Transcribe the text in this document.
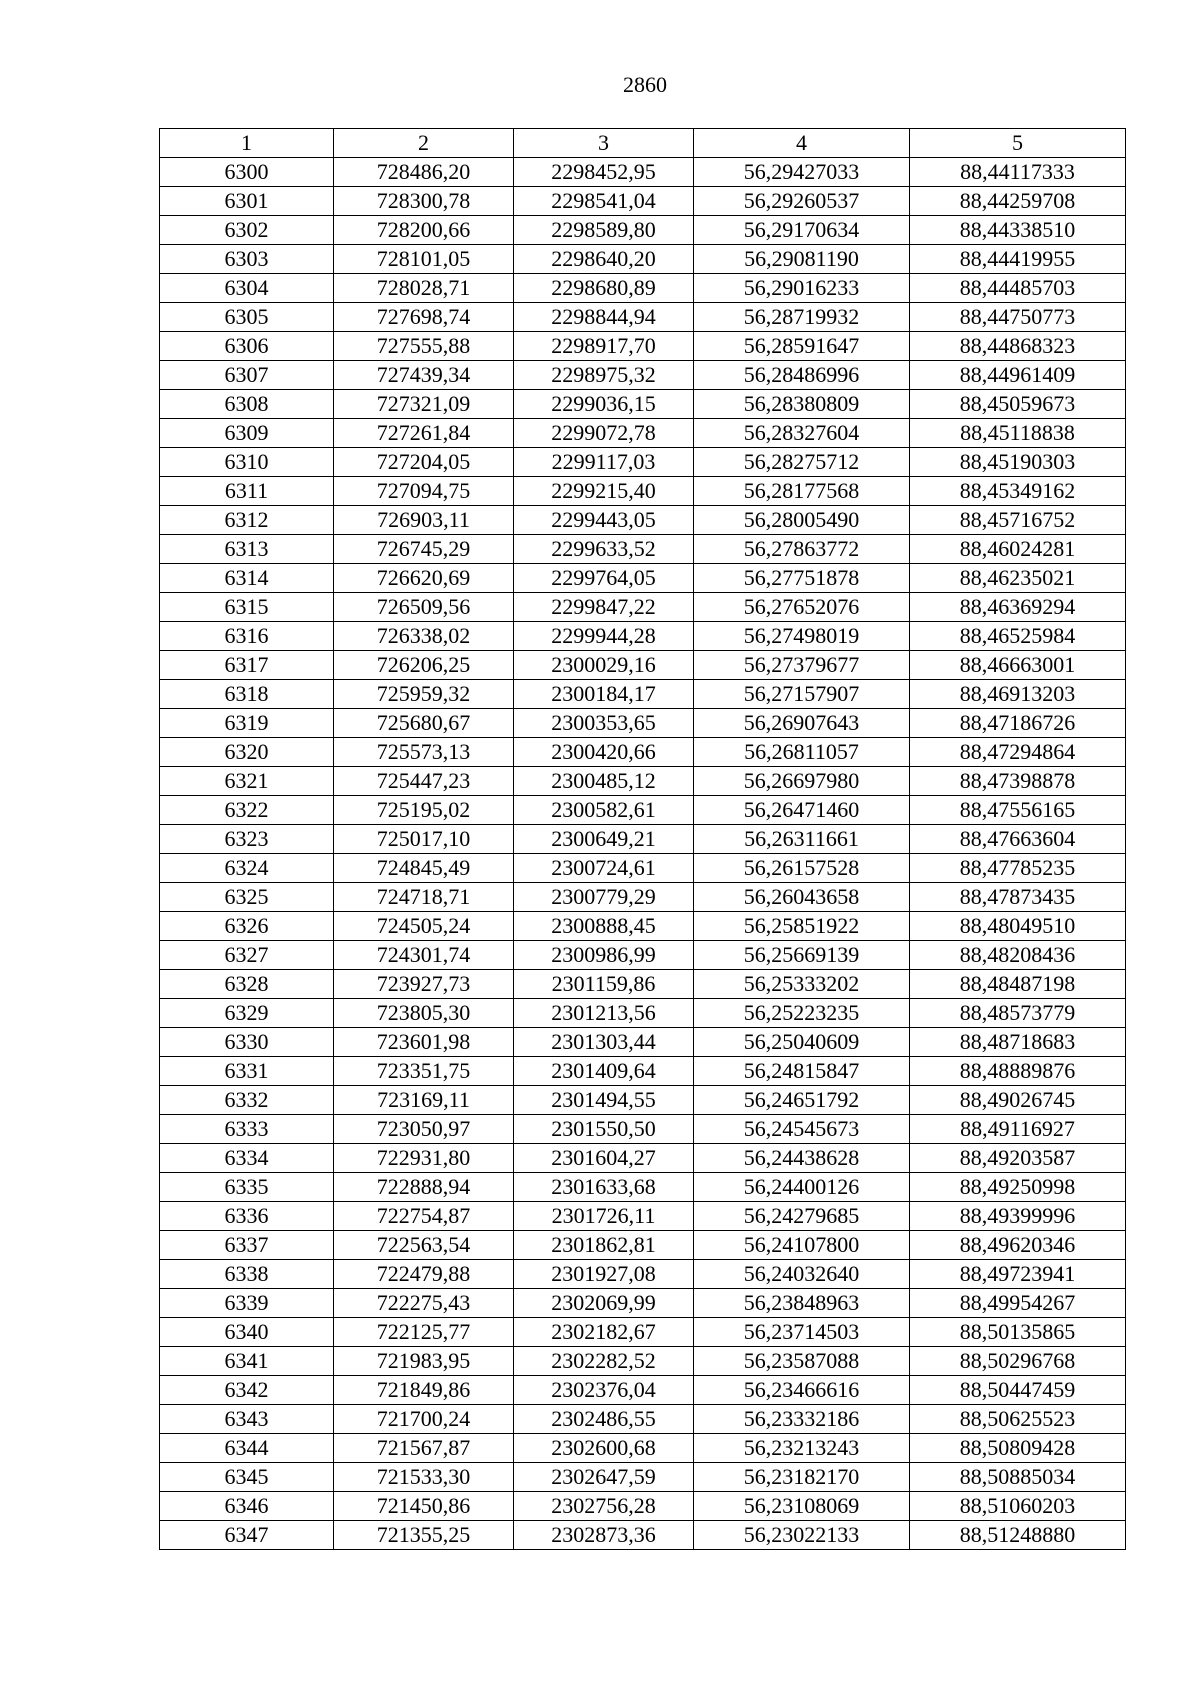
2860
1	2	3	4	5
6300	728486,20	2298452,95	56,29427033	88,44117333
6301	728300,78	2298541,04	56,29260537	88,44259708
6302	728200,66	2298589,80	56,29170634	88,44338510
6303	728101,05	2298640,20	56,29081190	88,44419955
6304	728028,71	2298680,89	56,29016233	88,44485703
6305	727698,74	2298844,94	56,28719932	88,44750773
6306	727555,88	2298917,70	56,28591647	88,44868323
6307	727439,34	2298975,32	56,28486996	88,44961409
6308	727321,09	2299036,15	56,28380809	88,45059673
6309	727261,84	2299072,78	56,28327604	88,45118838
6310	727204,05	2299117,03	56,28275712	88,45190303
6311	727094,75	2299215,40	56,28177568	88,45349162
6312	726903,11	2299443,05	56,28005490	88,45716752
6313	726745,29	2299633,52	56,27863772	88,46024281
6314	726620,69	2299764,05	56,27751878	88,46235021
6315	726509,56	2299847,22	56,27652076	88,46369294
6316	726338,02	2299944,28	56,27498019	88,46525984
6317	726206,25	2300029,16	56,27379677	88,46663001
6318	725959,32	2300184,17	56,27157907	88,46913203
6319	725680,67	2300353,65	56,26907643	88,47186726
6320	725573,13	2300420,66	56,26811057	88,47294864
6321	725447,23	2300485,12	56,26697980	88,47398878
6322	725195,02	2300582,61	56,26471460	88,47556165
6323	725017,10	2300649,21	56,26311661	88,47663604
6324	724845,49	2300724,61	56,26157528	88,47785235
6325	724718,71	2300779,29	56,26043658	88,47873435
6326	724505,24	2300888,45	56,25851922	88,48049510
6327	724301,74	2300986,99	56,25669139	88,48208436
6328	723927,73	2301159,86	56,25333202	88,48487198
6329	723805,30	2301213,56	56,25223235	88,48573779
6330	723601,98	2301303,44	56,25040609	88,48718683
6331	723351,75	2301409,64	56,24815847	88,48889876
6332	723169,11	2301494,55	56,24651792	88,49026745
6333	723050,97	2301550,50	56,24545673	88,49116927
6334	722931,80	2301604,27	56,24438628	88,49203587
6335	722888,94	2301633,68	56,24400126	88,49250998
6336	722754,87	2301726,11	56,24279685	88,49399996
6337	722563,54	2301862,81	56,24107800	88,49620346
6338	722479,88	2301927,08	56,24032640	88,49723941
6339	722275,43	2302069,99	56,23848963	88,49954267
6340	722125,77	2302182,67	56,23714503	88,50135865
6341	721983,95	2302282,52	56,23587088	88,50296768
6342	721849,86	2302376,04	56,23466616	88,50447459
6343	721700,24	2302486,55	56,23332186	88,50625523
6344	721567,87	2302600,68	56,23213243	88,50809428
6345	721533,30	2302647,59	56,23182170	88,50885034
6346	721450,86	2302756,28	56,23108069	88,51060203
6347	721355,25	2302873,36	56,23022133	88,51248880
